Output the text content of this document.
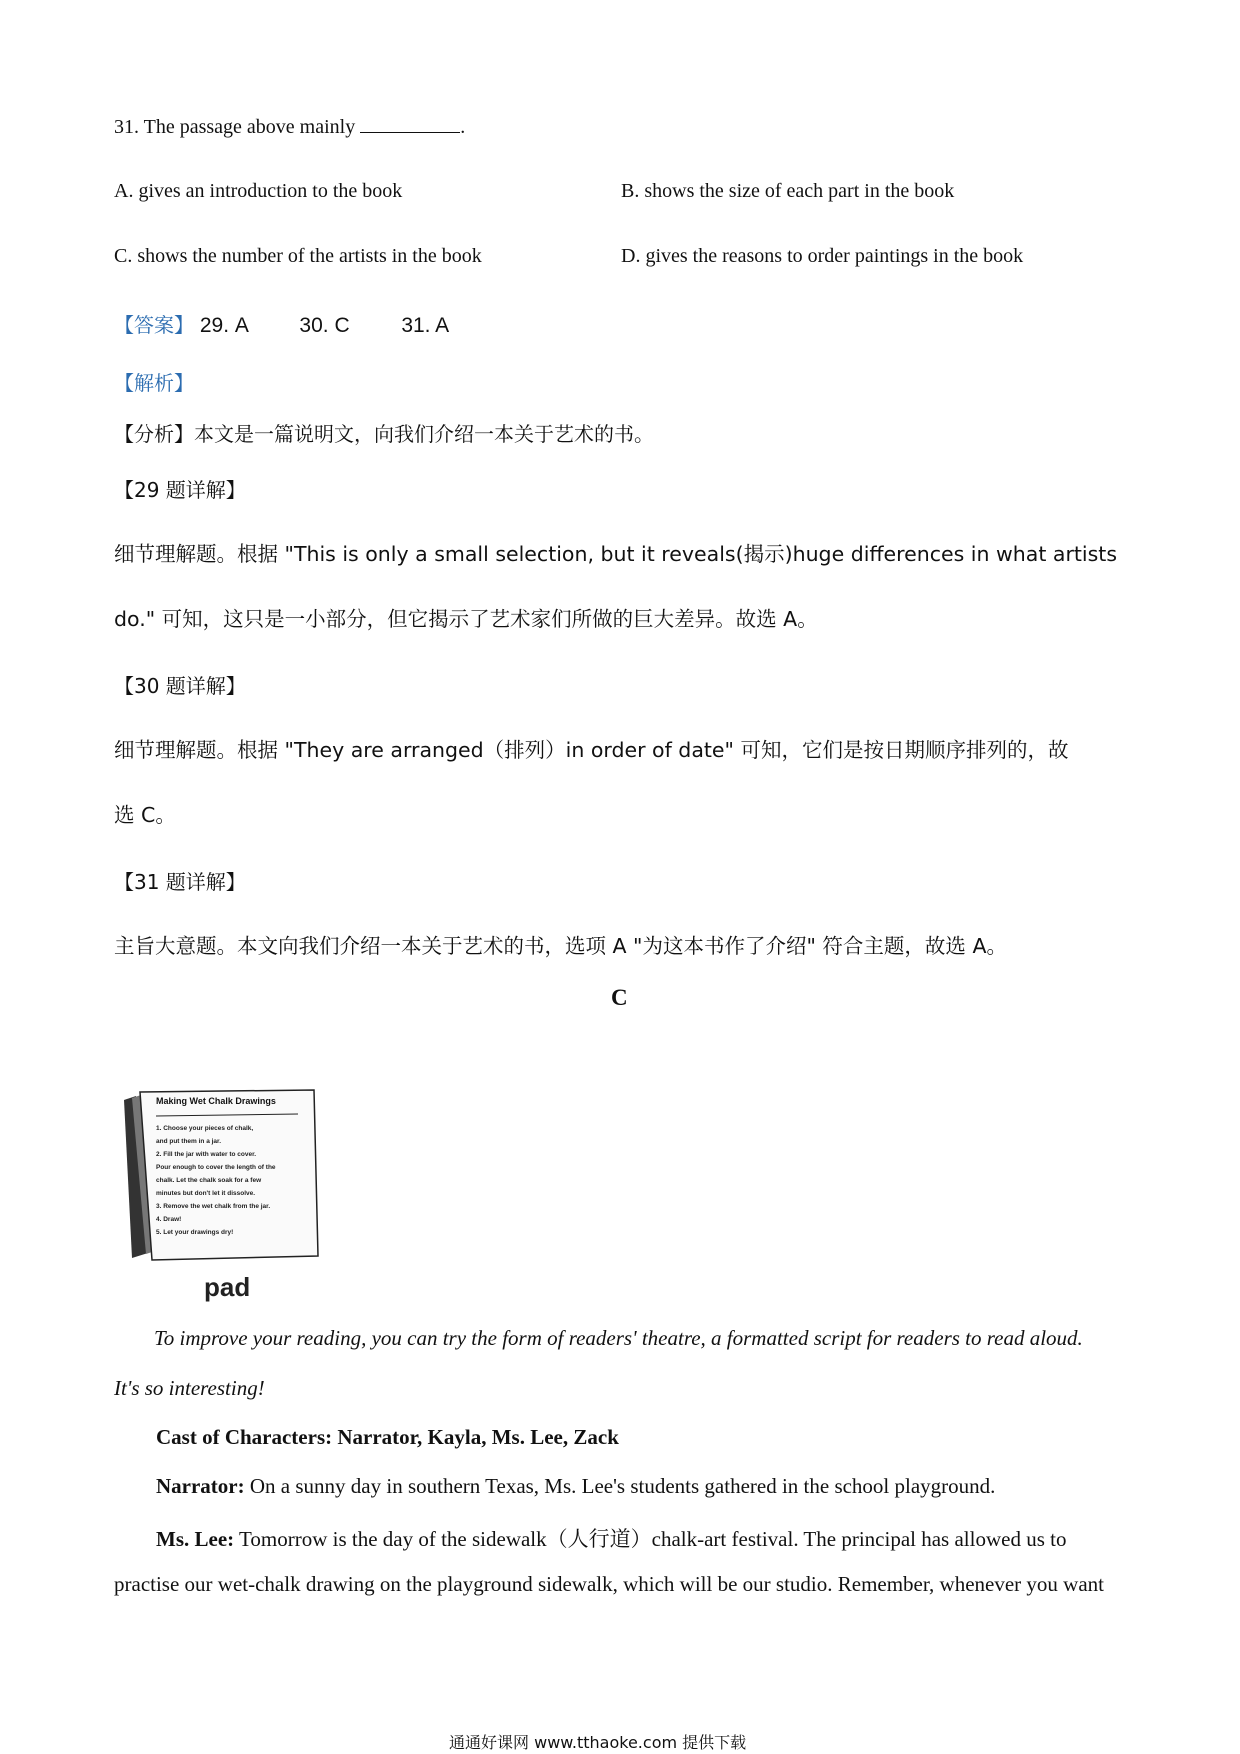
31. The passage above mainly	.
A. gives an introduction to the book	B. shows the size of each part in the book
C. shows the number of the artists in the book	D. gives the reasons to order paintings in the book
【答案】 29. A 30. C 31. A
【解析】
【分析】本文是一篇说明文，向我们介绍一本关于艺术的书。
【29 题详解】
细节理解题。根据 "This is only a small selection, but it reveals(揭示)huge differences in what artists
do." 可知，这只是一小部分，但它揭示了艺术家们所做的巨大差异。故选 A。
【30 题详解】
细节理解题。根据 "They are arranged（排列）in order of date" 可知，它们是按日期顺序排列的，故
选 C。
【31 题详解】
主旨大意题。本文向我们介绍一本关于艺术的书，选项 A "为这本书作了介绍" 符合主题，故选 A。
C
Making Wet Chalk Drawings
1. Choose your pieces of chalk,
and put them in a jar.
2. Fill the jar with water to cover.
Pour enough to cover the length of the
chalk. Let the chalk soak for a few
minutes but don't let it dissolve.
3. Remove the wet chalk from the jar.
4. Draw!
5. Let your drawings dry!
pad
To improve your reading, you can try the form of readers' theatre, a formatted script for readers to read aloud.
It's so interesting!
Cast of Characters: Narrator, Kayla, Ms. Lee, Zack
Narrator: On a sunny day in southern Texas, Ms. Lee's students gathered in the school playground.
Ms. Lee: Tomorrow is the day of the sidewalk（人行道）chalk-art festival. The principal has allowed us to
practise our wet-chalk drawing on the playground sidewalk, which will be our studio. Remember, whenever you want
通通好课网 www.tthaoke.com 提供下载
